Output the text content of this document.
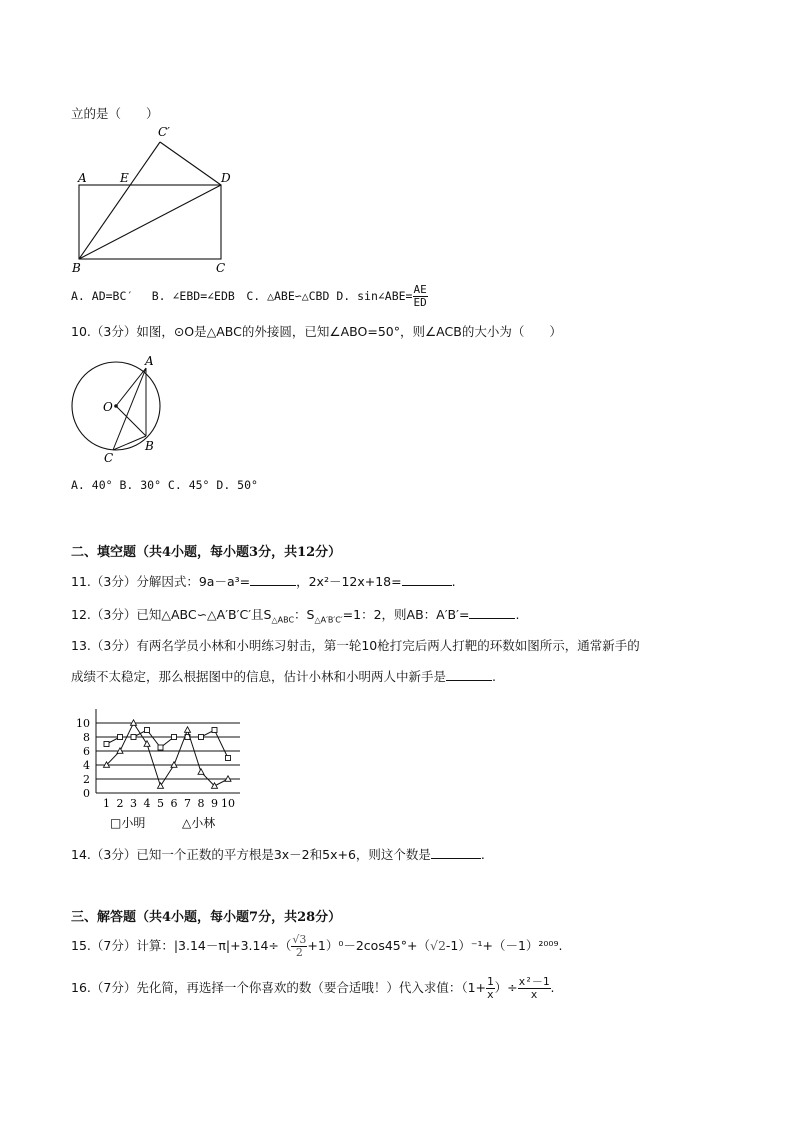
立的是（　　）
A	E
C′
D
B	C
A. AD=BC′　 B. ∠EBD=∠EDB　C. △ABE∽△CBD D. sin∠ABE= $\frac{AE}{ED}$
10.（3分）如图，⊙O是△ABC的外接圆，已知∠ABO=50°，则∠ACB的大小为（　　）
O
A
B
C
A. 40° B. 30° C. 45° D. 50°
二、填空题（共4小题，每小题3分，共12分）
11.（3分）分解因式：9a－a³=	，2x²－12x+18=	.
12.（3分）已知△ABC∽△A′B′C′且$S_{\triangle ABC}$：$S_{\triangle A'B'C'}=1$：2，则AB：A′B′=	.
13.（3分）有两名学员小林和小明练习射击，第一轮10枪打完后两人打靶的环数如图所示，通常新手的
成绩不太稳定，那么根据图中的信息，估计小林和小明两人中新手是	.
0
2
4
6
8
10
1 2 3 4 5 6 7 8 9 10
□小明	△小林
14.（3分）已知一个正数的平方根是3x－2和5x+6，则这个数是	.
三、解答题（共4小题，每小题7分，共28分）
15.（7分）计算：$|3.14-\pi|+3.14\div( \frac{√3}{2} +1)^0-2\cos 45^\circ+(√2-1)^{-1}+(-1)^{2009}$.
16.（7分）先化简，再选择一个你喜欢的数（要合适哦！）代入求值：（$1+ \frac{1}{x}$ ）÷ $\frac{\text{x²－1}}{x}$ .
